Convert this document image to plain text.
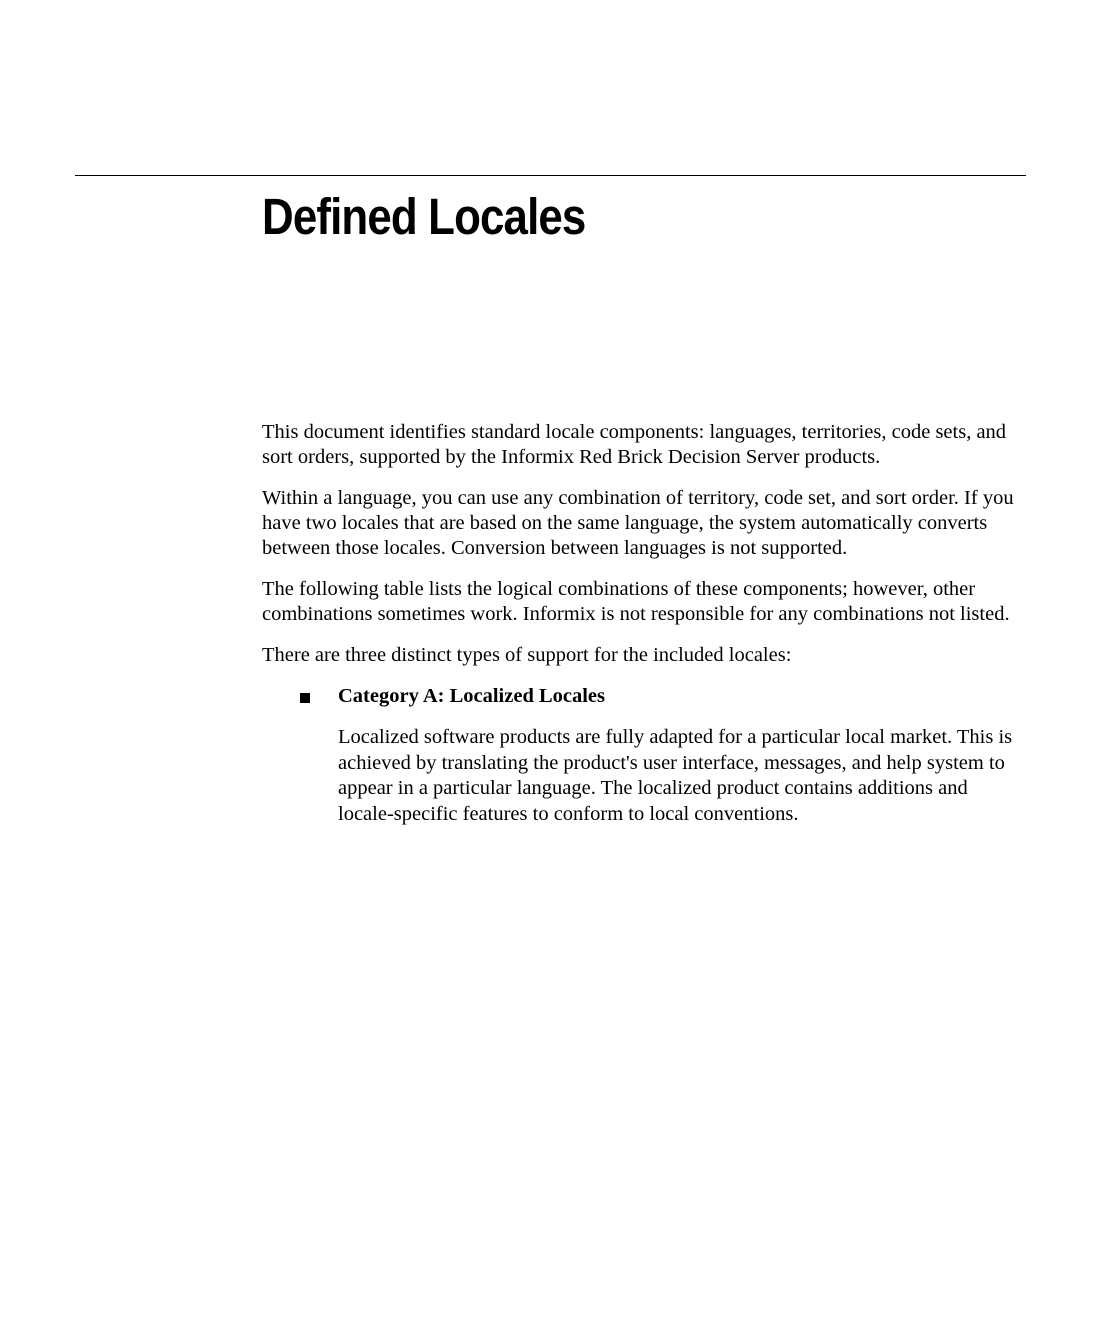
Defined Locales

This document identifies standard locale components: languages, territories, code sets, and sort orders, supported by the Informix Red Brick Decision Server products.

Within a language, you can use any combination of territory, code set, and sort order. If you have two locales that are based on the same language, the system automatically converts between those locales. Conversion between languages is not supported.

The following table lists the logical combinations of these components; however, other combinations sometimes work. Informix is not responsible for any combinations not listed.

There are three distinct types of support for the included locales:

Category A: Localized Locales

Localized software products are fully adapted for a particular local market. This is achieved by translating the product's user interface, messages, and help system to appear in a particular language. The localized product contains additions and locale-specific features to conform to local conventions.
